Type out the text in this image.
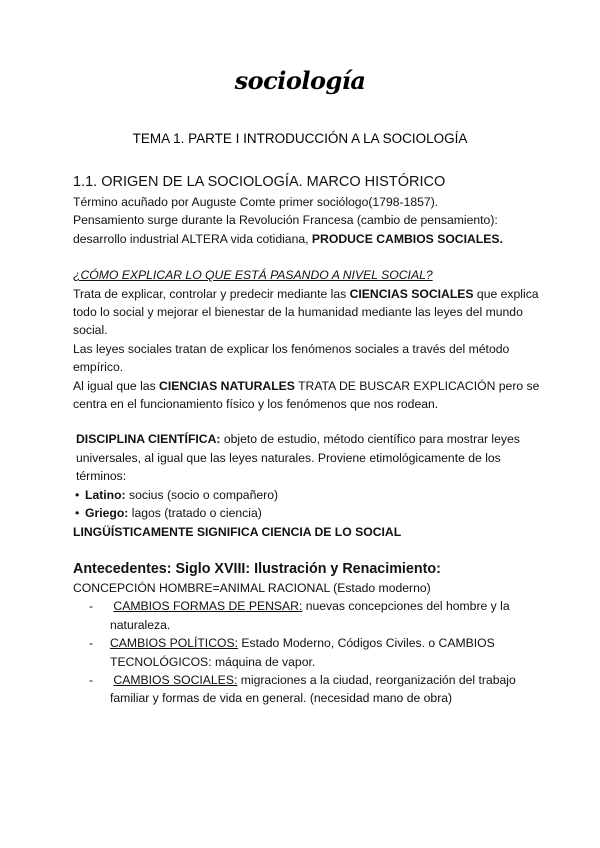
sociología
TEMA 1. PARTE I INTRODUCCIÓN A LA SOCIOLOGÍA

1.1. ORIGEN DE LA SOCIOLOGÍA. MARCO HISTÓRICO

Término acuñado por Auguste Comte primer sociólogo(1798-1857).

Pensamiento surge durante la Revolución Francesa (cambio de pensamiento):

desarrollo industrial ALTERA vida cotidiana, PRODUCE CAMBIOS SOCIALES.

¿CÓMO EXPLICAR LO QUE ESTÁ PASANDO A NIVEL SOCIAL?

Trata de explicar, controlar y predecir mediante las CIENCIAS SOCIALES que explica todo lo social y mejorar el bienestar de la humanidad mediante las leyes del mundo social.

Las leyes sociales tratan de explicar los fenómenos sociales a través del método empírico.

Al igual que las CIENCIAS NATURALES TRATA DE BUSCAR EXPLICACIÓN pero se centra en el funcionamiento físico y los fenómenos que nos rodean.

DISCIPLINA CIENTÍFICA: objeto de estudio, método científico para mostrar leyes universales, al igual que las leyes naturales. Proviene etimológicamente de los términos:

• Latino: socius (socio o compañero)
• Griego: lagos (tratado o ciencia)

LINGÜÍSTICAMENTE SIGNIFICA CIENCIA DE LO SOCIAL

Antecedentes: Siglo XVIII: Ilustración y Renacimiento:

CONCEPCIÓN HOMBRE=ANIMAL RACIONAL (Estado moderno)

- CAMBIOS FORMAS DE PENSAR: nuevas concepciones del hombre y la naturaleza.
- CAMBIOS POLÍTICOS: Estado Moderno, Códigos Civiles. o CAMBIOS TECNOLÓGICOS: máquina de vapor.
- CAMBIOS SOCIALES: migraciones a la ciudad, reorganización del trabajo familiar y formas de vida en general. (necesidad mano de obra)
